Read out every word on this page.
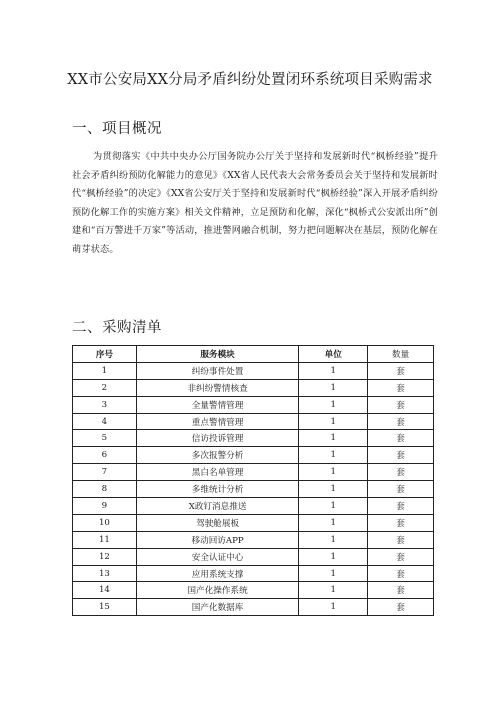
XX市公安局XX分局矛盾纠纷处置闭环系统项目采购需求
一、项目概况
为贯彻落实《中共中央办公厅国务院办公厅关于坚持和发展新时代“枫桥经验”提升社会矛盾纠纷预防化解能力的意见》《XX省人民代表大会常务委员会关于坚持和发展新时代“枫桥经验”的决定》《XX省公安厅关于坚持和发展新时代“枫桥经验”深入开展矛盾纠纷预防化解工作的实施方案》相关文件精神，立足预防和化解，深化“枫桥式公安派出所”创建和“百万警进千万家”等活动，推进警网融合机制，努力把问题解决在基层，预防化解在萌芽状态。
二、采购清单
序号	服务模块	单位	数量
1	纠纷事件处置	1	套
2	非纠纷警情核查	1	套
3	全量警情管理	1	套
4	重点警情管理	1	套
5	信访投诉管理	1	套
6	多次报警分析	1	套
7	黑白名单管理	1	套
8	多维统计分析	1	套
9	X政钉消息推送	1	套
10	驾驶舱展板	1	套
11	移动回访APP	1	套
12	安全认证中心	1	套
13	应用系统支撑	1	套
14	国产化操作系统	1	套
15	国产化数据库	1	套
